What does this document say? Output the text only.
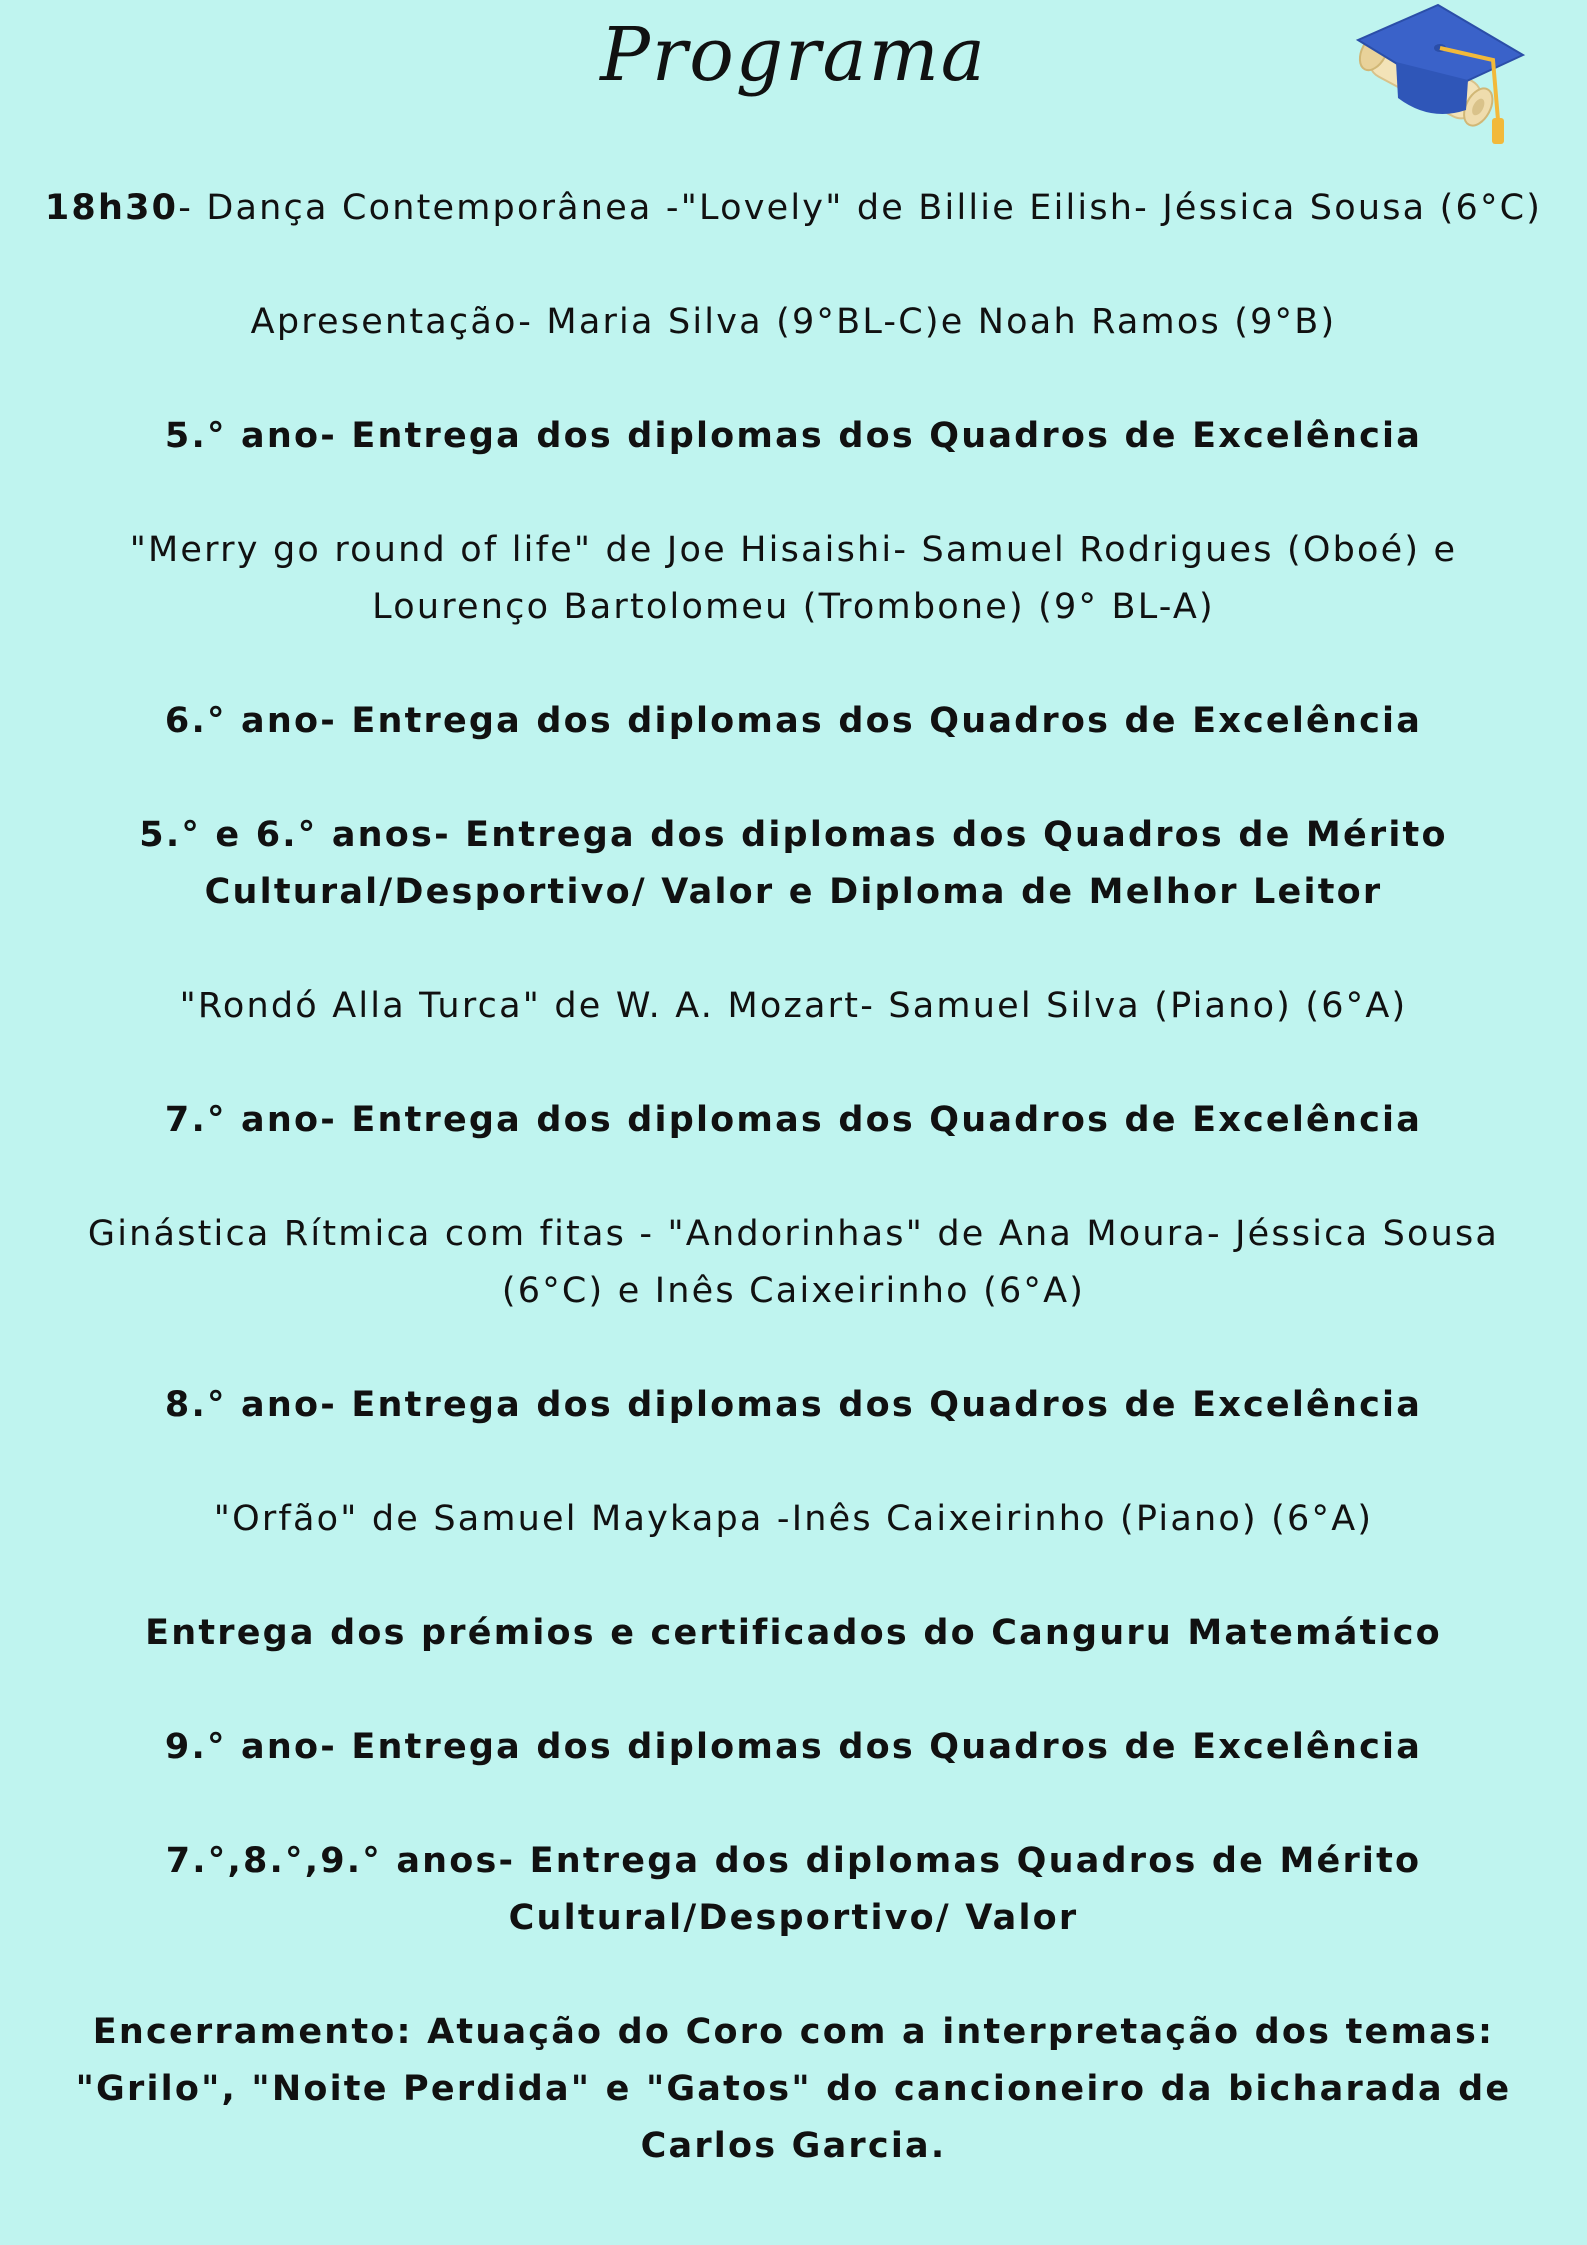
Programa
18h30- Dança Contemporânea -"Lovely" de Billie Eilish- Jéssica Sousa (6°C)
Apresentação- Maria Silva (9°BL-C)e Noah Ramos (9°B)
5.° ano- Entrega dos diplomas dos Quadros de Excelência
"Merry go round of life" de Joe Hisaishi- Samuel Rodrigues (Oboé) e Lourenço Bartolomeu (Trombone) (9° BL-A)
6.° ano- Entrega dos diplomas dos Quadros de Excelência
5.° e 6.° anos- Entrega dos diplomas dos Quadros de Mérito Cultural/Desportivo/ Valor e Diploma de Melhor Leitor
"Rondó Alla Turca" de W. A. Mozart- Samuel Silva (Piano) (6°A)
7.° ano- Entrega dos diplomas dos Quadros de Excelência
Ginástica Rítmica com fitas - "Andorinhas" de Ana Moura- Jéssica Sousa (6°C) e Inês Caixeirinho (6°A)
8.° ano- Entrega dos diplomas dos Quadros de Excelência
"Orfão" de Samuel Maykapa -Inês Caixeirinho (Piano) (6°A)
Entrega dos prémios e certificados do Canguru Matemático
9.° ano- Entrega dos diplomas dos Quadros de Excelência
7.°,8.°,9.° anos- Entrega dos diplomas Quadros de Mérito Cultural/Desportivo/ Valor
Encerramento: Atuação do Coro com a interpretação dos temas: "Grilo", "Noite Perdida" e "Gatos" do cancioneiro da bicharada de Carlos Garcia.
